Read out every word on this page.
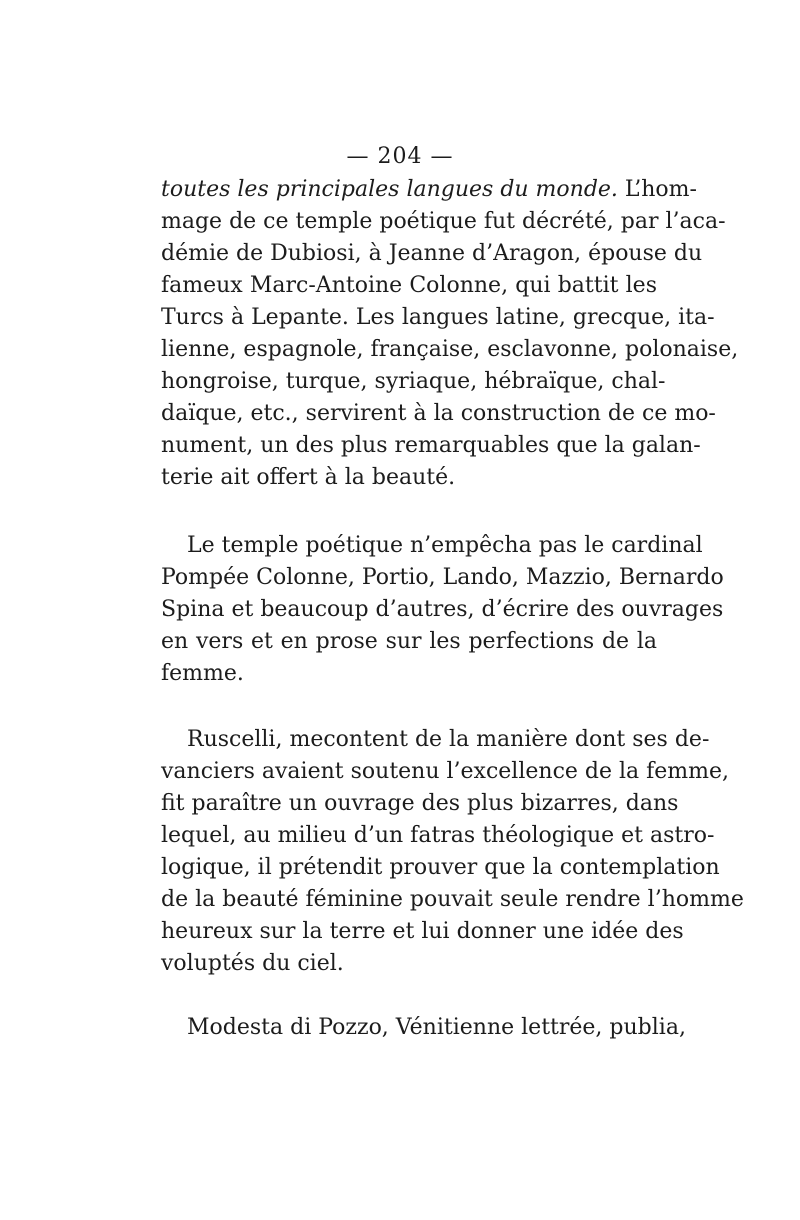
— 204 —
toutes les principales langues du monde. L’hom-
mage de ce temple poétique fut décrété, par l’aca-
démie de Dubiosi, à Jeanne d’Aragon, épouse du
fameux Marc-Antoine Colonne, qui battit les
Turcs à Lepante. Les langues latine, grecque, ita-
lienne, espagnole, française, esclavonne, polonaise,
hongroise, turque, syriaque, hébraïque, chal-
daïque, etc., servirent à la construction de ce mo-
nument, un des plus remarquables que la galan-
terie ait offert à la beauté.
Le temple poétique n’empêcha pas le cardinal
Pompée Colonne, Portio, Lando, Mazzio, Bernardo
Spina et beaucoup d’autres, d’écrire des ouvrages
en vers et en prose sur les perfections de la
femme.
Ruscelli, mecontent de la manière dont ses de-
vanciers avaient soutenu l’excellence de la femme,
fit paraître un ouvrage des plus bizarres, dans
lequel, au milieu d’un fatras théologique et astro-
logique, il prétendit prouver que la contemplation
de la beauté féminine pouvait seule rendre l’homme
heureux sur la terre et lui donner une idée des
voluptés du ciel.
Modesta di Pozzo, Vénitienne lettrée, publia,
